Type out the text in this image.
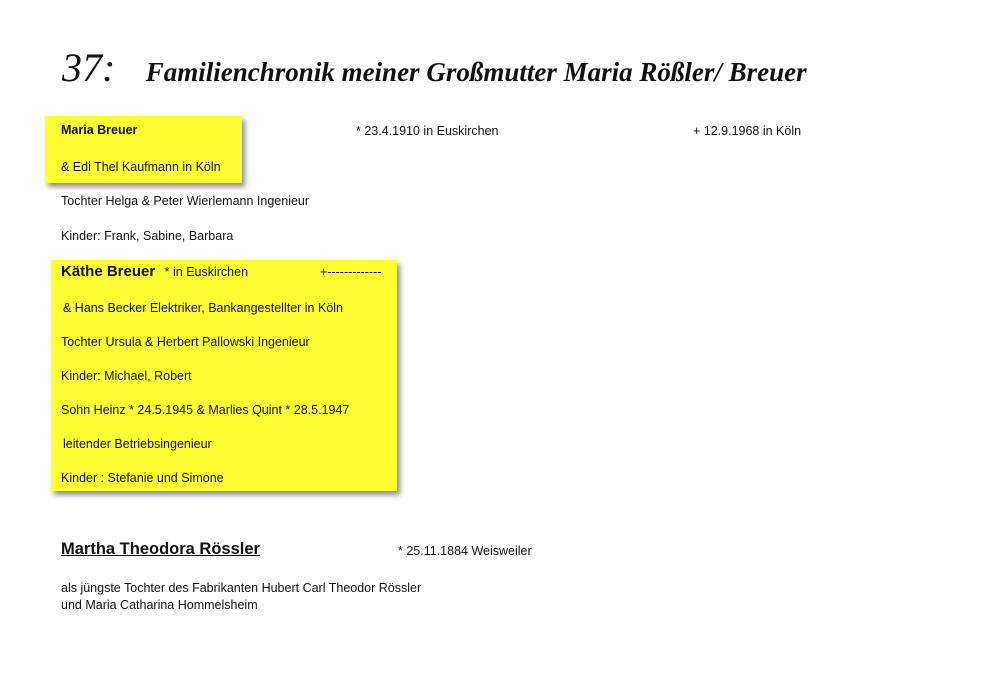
37: Familienchronik meiner Großmutter Maria Rößler/ Breuer
Maria Breuer	* 23.4.1910 in Euskirchen	+ 12.9.1968 in Köln
& Edi Thel Kaufmann in Köln
Tochter Helga & Peter Wierlemann Ingenieur
Kinder: Frank, Sabine, Barbara
Käthe Breuer * in Euskirchen	+-------------
& Hans Becker Elektriker, Bankangestellter in Köln
Tochter Ursula & Herbert Pallowski Ingenieur
Kinder: Michael, Robert
Sohn Heinz * 24.5.1945 & Marlies Quint * 28.5.1947
leitender Betriebsingenieur
Kinder : Stefanie und Simone
Martha Theodora Rössler	* 25.11.1884 Weisweiler
als jüngste Tochter des Fabrikanten Hubert Carl Theodor Rössler
und Maria Catharina Hommelsheim
